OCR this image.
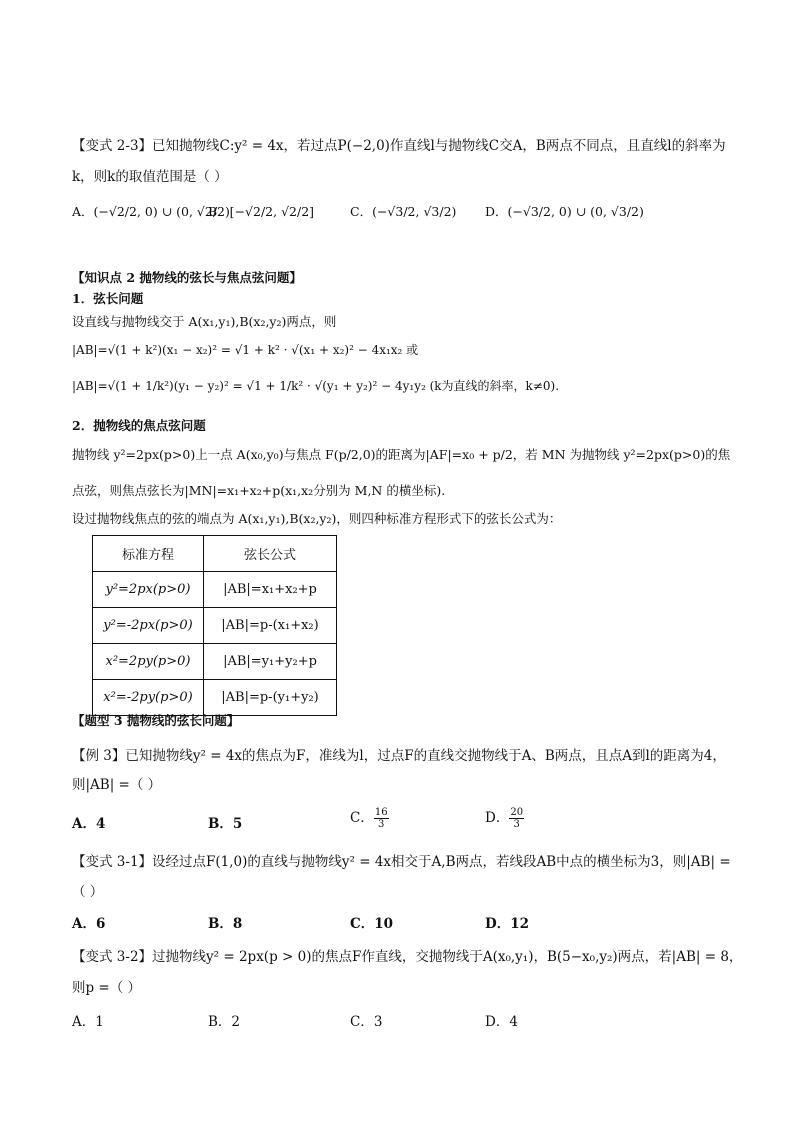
【变式 2-3】已知抛物线C:y² = 4x，若过点P(−2,0)作直线l与抛物线C交A，B两点不同点，且直线l的斜率为
k，则k的取值范围是（ ）
A．(−√2/2, 0) ∪ (0, √2/2)
B．[−√2/2, √2/2]	C．(−√3/2, √3/2) D．(−√3/2, 0) ∪ (0, √3/2)
【知识点 2 抛物线的弦长与焦点弦问题】
1．弦长问题
设直线与抛物线交于 A(x₁,y₁),B(x₂,y₂)两点，则
|AB|=√(1 + k²)(x₁ − x₂)² = √1 + k² · √(x₁ + x₂)² − 4x₁x₂ 或
|AB|=√(1 + 1/k²)(y₁ − y₂)² = √1 + 1/k² · √(y₁ + y₂)² − 4y₁y₂ (k为直线的斜率，k≠0).
2．抛物线的焦点弦问题
抛物线 y²=2px(p>0)上一点 A(x₀,y₀)与焦点 F(p/2,0)的距离为|AF|=x₀ + p/2，若 MN 为抛物线 y²=2px(p>0)的焦
点弦，则焦点弦长为|MN|=x₁+x₂+p(x₁,x₂分别为 M,N 的横坐标).
设过抛物线焦点的弦的端点为 A(x₁,y₁),B(x₂,y₂)，则四种标准方程形式下的弦长公式为：
标准方程	弦长公式
y²=2px(p>0)	|AB|=x₁+x₂+p
y²=-2px(p>0)	|AB|=p-(x₁+x₂)
x²=2py(p>0)	|AB|=y₁+y₂+p
x²=-2py(p>0)	|AB|=p-(y₁+y₂)
【题型 3 抛物线的弦长问题】
【例 3】已知抛物线y² = 4x的焦点为F，准线为l，过点F的直线交抛物线于A、B两点，且点A到l的距离为4，
则|AB| =（ ）
A．4	B．5	C． $\frac{16}{3}$	D． $\frac{20}{3}$
【变式 3-1】设经过点F(1,0)的直线与抛物线y² = 4x相交于A,B两点，若线段AB中点的横坐标为3，则|AB| =
（ ）
A．6	B．8	C．10	D．12
【变式 3-2】过抛物线y² = 2px(p > 0)的焦点F作直线，交抛物线于A(x₀,y₁)，B(5−x₀,y₂)两点，若|AB| = 8，
则p =（ ）
A．1	B．2	C．3	D．4
